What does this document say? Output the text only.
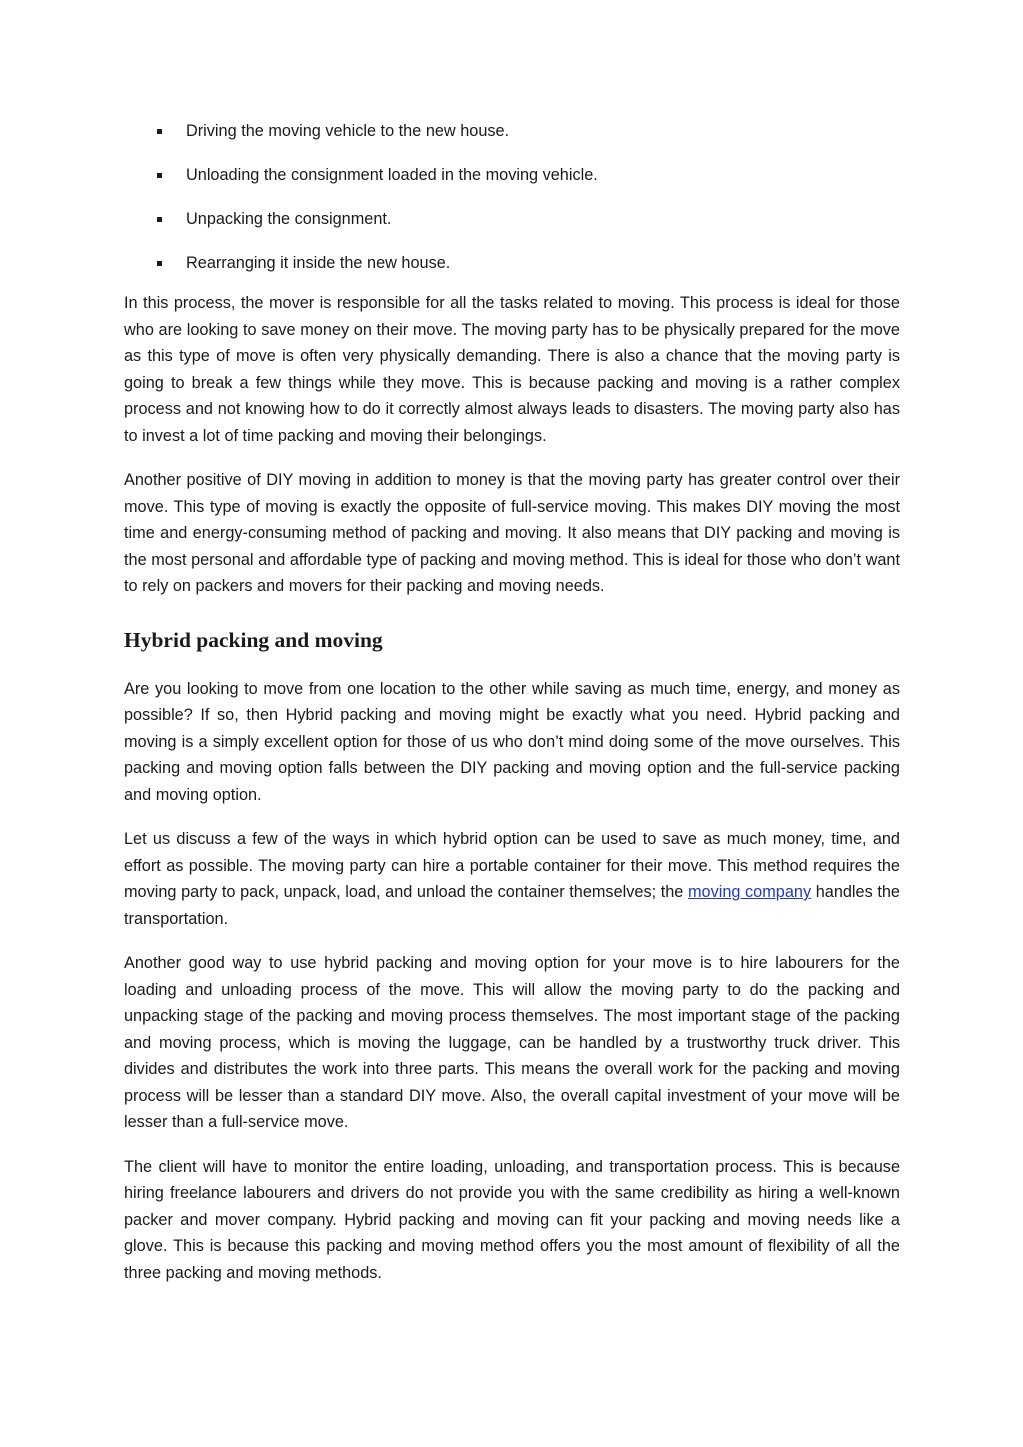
Driving the moving vehicle to the new house.
Unloading the consignment loaded in the moving vehicle.
Unpacking the consignment.
Rearranging it inside the new house.

In this process, the mover is responsible for all the tasks related to moving. This process is ideal for those who are looking to save money on their move. The moving party has to be physically prepared for the move as this type of move is often very physically demanding. There is also a chance that the moving party is going to break a few things while they move. This is because packing and moving is a rather complex process and not knowing how to do it correctly almost always leads to disasters. The moving party also has to invest a lot of time packing and moving their belongings.

Another positive of DIY moving in addition to money is that the moving party has greater control over their move. This type of moving is exactly the opposite of full-service moving. This makes DIY moving the most time and energy-consuming method of packing and moving. It also means that DIY packing and moving is the most personal and affordable type of packing and moving method. This is ideal for those who don’t want to rely on packers and movers for their packing and moving needs.

Hybrid packing and moving

Are you looking to move from one location to the other while saving as much time, energy, and money as possible? If so, then Hybrid packing and moving might be exactly what you need. Hybrid packing and moving is a simply excellent option for those of us who don’t mind doing some of the move ourselves. This packing and moving option falls between the DIY packing and moving option and the full-service packing and moving option.

Let us discuss a few of the ways in which hybrid option can be used to save as much money, time, and effort as possible. The moving party can hire a portable container for their move. This method requires the moving party to pack, unpack, load, and unload the container themselves; the moving company handles the transportation.

Another good way to use hybrid packing and moving option for your move is to hire labourers for the loading and unloading process of the move. This will allow the moving party to do the packing and unpacking stage of the packing and moving process themselves. The most important stage of the packing and moving process, which is moving the luggage, can be handled by a trustworthy truck driver. This divides and distributes the work into three parts. This means the overall work for the packing and moving process will be lesser than a standard DIY move. Also, the overall capital investment of your move will be lesser than a full-service move.

The client will have to monitor the entire loading, unloading, and transportation process. This is because hiring freelance labourers and drivers do not provide you with the same credibility as hiring a well-known packer and mover company. Hybrid packing and moving can fit your packing and moving needs like a glove. This is because this packing and moving method offers you the most amount of flexibility of all the three packing and moving methods.
